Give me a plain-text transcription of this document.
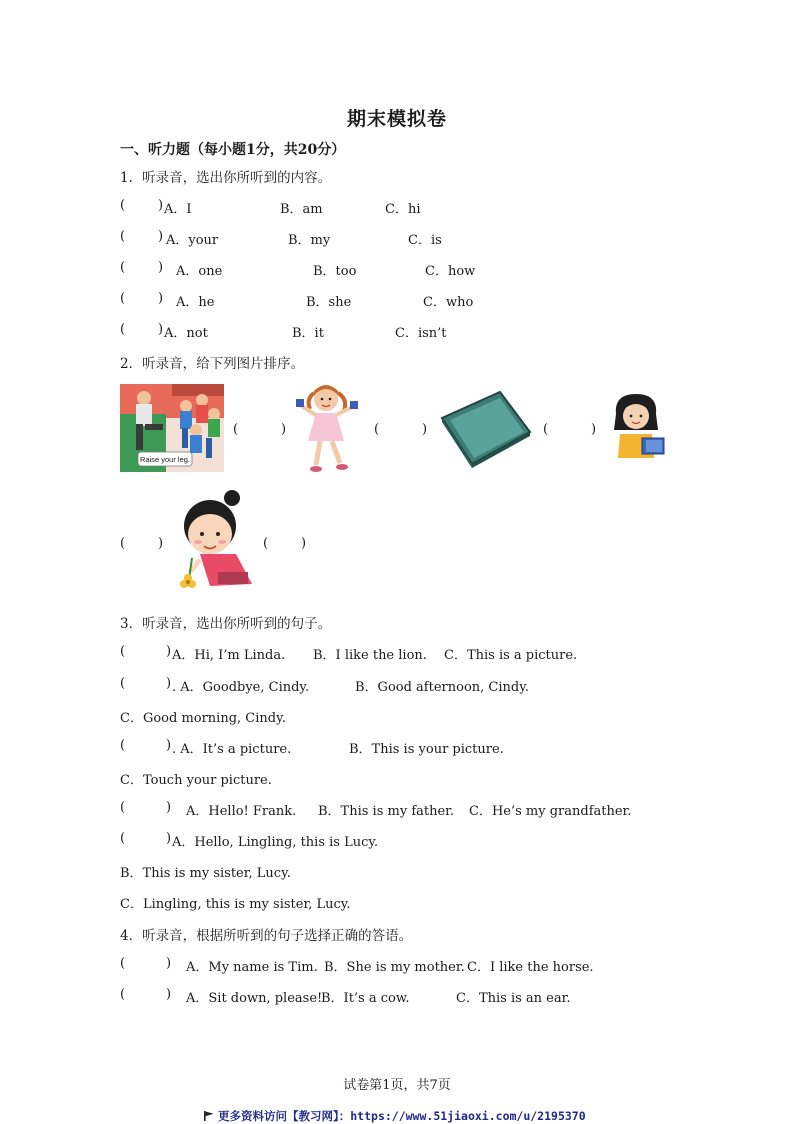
期末模拟卷
一、听力题（每小题1分，共20分）
1．听录音，选出你所听到的内容。
(	) A．I	B．am	C．hi
(	) A．your	B．my	C．is
(	) A．one	B．too	C．how
(	) A．he	B．she	C．who
(	) A．not	B．it	C．isn’t
2．听录音，给下列图片排序。
Raise your leg.
(	)	(	)	(	)
(	)	(	)
3．听录音，选出你所听到的句子。
(	) A．Hi, I’m Linda. B．I like the lion. C．This is a picture.
(	) . A．Goodbye, Cindy.	B．Good afternoon, Cindy.
C．Good morning, Cindy.
(	) . A．It’s a picture.	B．This is your picture.
C．Touch your picture.
(	) A．Hello! Frank. B．This is my father. C．He’s my grandfather.
(	) A．Hello, Lingling, this is Lucy.
B．This is my sister, Lucy.
C．Lingling, this is my sister, Lucy.
4．听录音，根据所听到的句子选择正确的答语。
(	) A．My name is Tim. B．She is my mother. C．I like the horse.
(	) A．Sit down, please!
B．It’s a cow.	C．This is an ear.
试卷第1页，共7页
更多资料访问【教习网】：https://www.51jiaoxi.com/u/2195370
